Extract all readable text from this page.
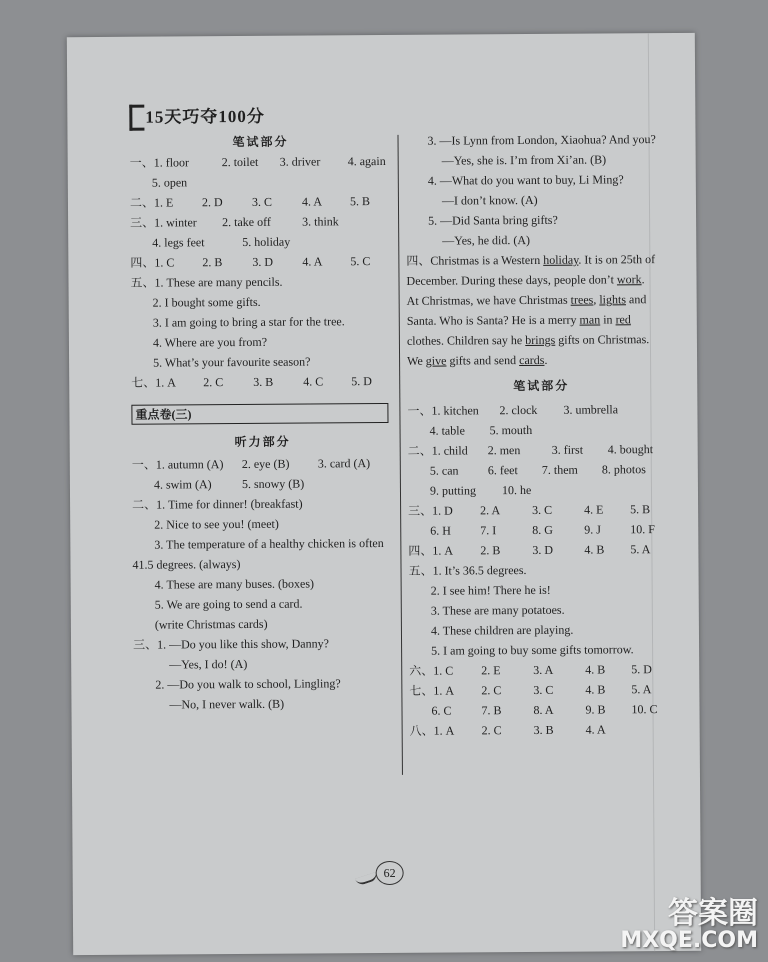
15天巧夺100分
笔试部分
一、1. floor	2. toilet 3. driver 4. again
5. open
二、1. E 2. D 3. C 4. A 5. B
三、1. winter 2. take off	3. think
4. legs feet	5. holiday
四、1. C 2. B 3. D 4. A 5. C
五、1. These are many pencils.
2. I bought some gifts.
3. I am going to bring a star for the tree.
4. Where are you from?
5. What’s your favourite season?
七、1. A 2. C 3. B 4. C 5. D
重点卷(三)
听力部分
一、1. autumn (A) 2. eye (B) 3. card (A)
4. swim (A)	5. snowy (B)
二、1. Time for dinner! (breakfast)
2. Nice to see you! (meet)
3. The temperature of a healthy chicken is often
41.5 degrees. (always)
4. These are many buses. (boxes)
5. We are going to send a card.
(write Christmas cards)
三、1. —Do you like this show, Danny?
—Yes, I do! (A)
2. —Do you walk to school, Lingling?
—No, I never walk. (B)
3. —Is Lynn from London, Xiaohua? And you?
—Yes, she is. I’m from Xi’an. (B)
4. —What do you want to buy, Li Ming?
—I don’t know. (A)
5. —Did Santa bring gifts?
—Yes, he did. (A)
四、Christmas is a Western holiday. It is on 25th of
December. During these days, people don’t work.
At Christmas, we have Christmas trees, lights and
Santa. Who is Santa? He is a merry man in red
clothes. Children say he brings gifts on Christmas.
We give gifts and send cards.
笔试部分
一、1. kitchen 2. clock 3. umbrella
4. table 5. mouth
二、1. child 2. men	3. first 4. bought
5. can 6. feet 7. them 8. photos
9. putting 10. he
三、1. D 2. A	3. C	4. E 5. B
6. H 7. I	8. G	9. J 10. F
四、1. A 2. B	3. D	4. B 5. A
五、1. It’s 36.5 degrees.
2. I see him! There he is!
3. These are many potatoes.
4. These children are playing.
5. I am going to buy some gifts tomorrow.
六、1. C 2. E	3. A	4. B 5. D
七、1. A 2. C	3. C	4. B 5. A
6. C 7. B	8. A	9. B 10. C
八、1. A 2. C	3. B	4. A
62
答案圈
MXQE.COM
